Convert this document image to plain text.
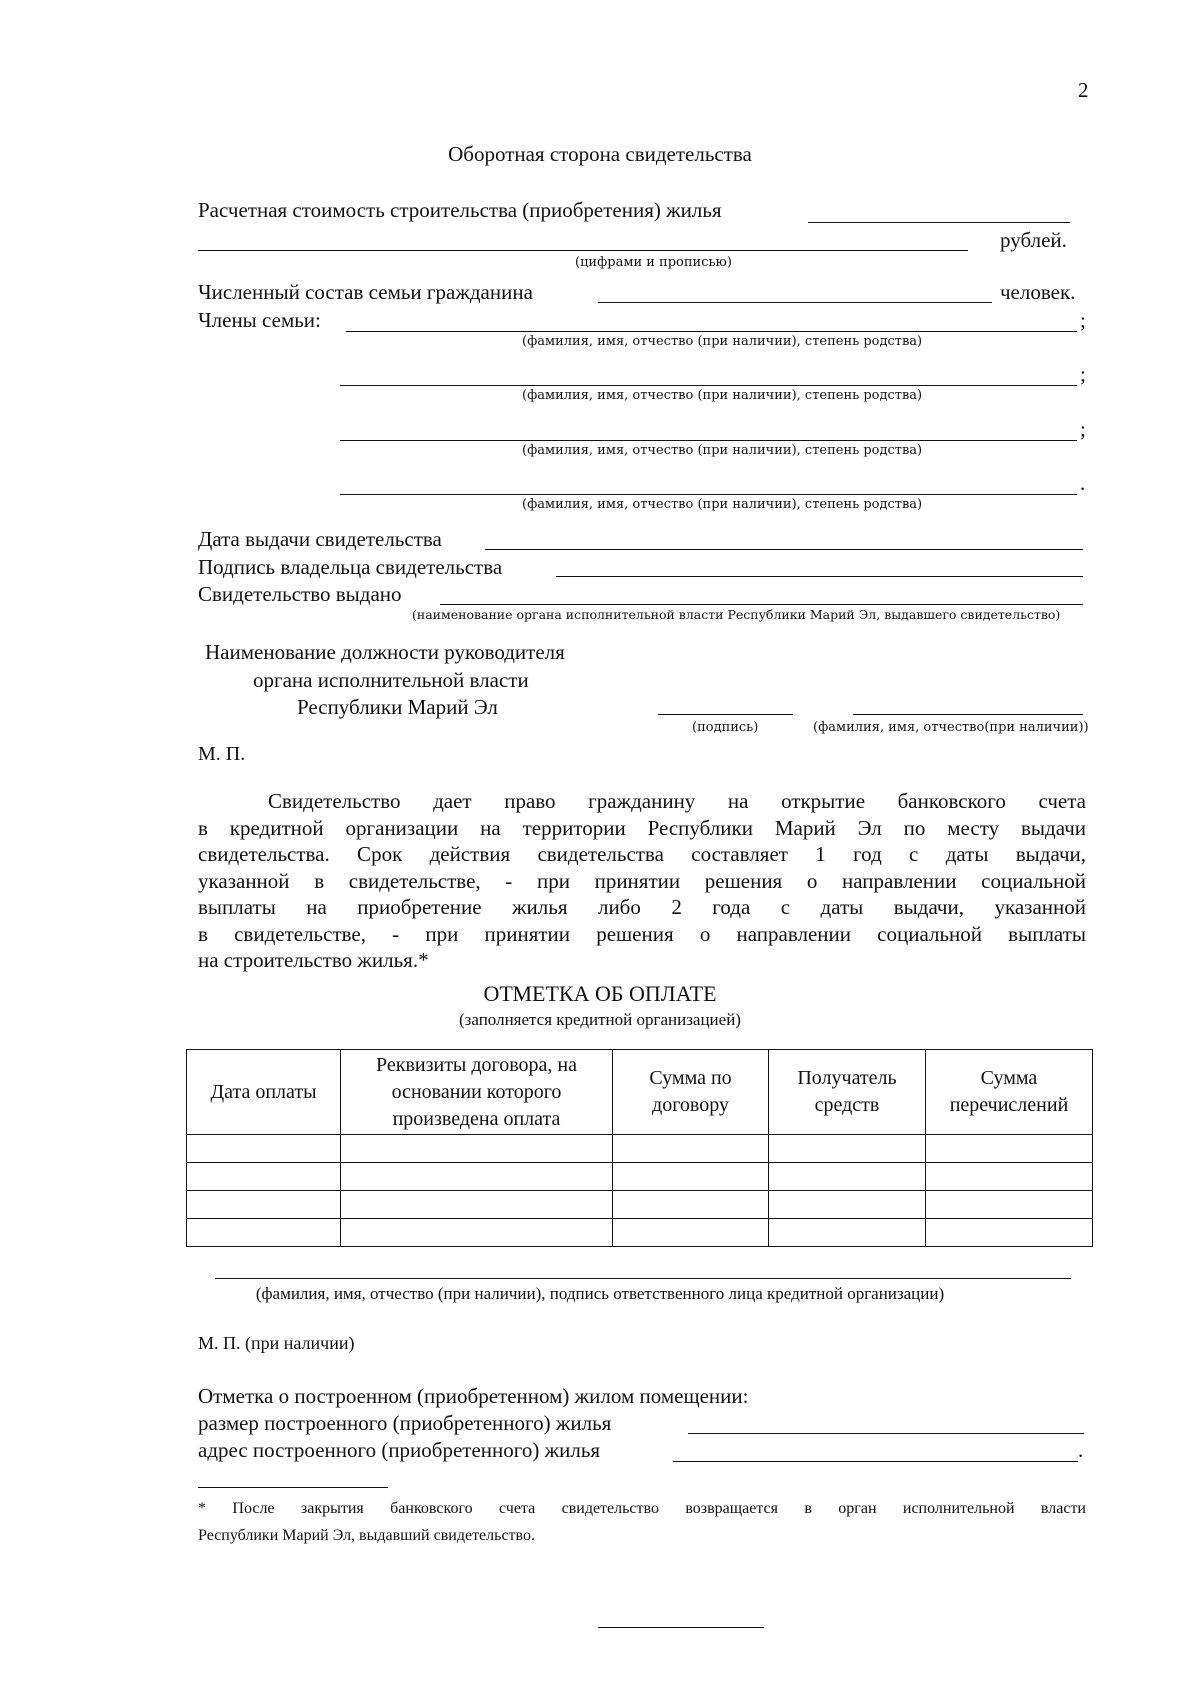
2
Оборотная сторона свидетельства
Расчетная стоимость строительства (приобретения) жилья
рублей.
(цифрами и прописью)
Численный состав семьи гражданина	человек.
Члены семьи:	;
(фамилия, имя, отчество (при наличии), степень родства)
;
(фамилия, имя, отчество (при наличии), степень родства)
;
(фамилия, имя, отчество (при наличии), степень родства)
.
(фамилия, имя, отчество (при наличии), степень родства)
Дата выдачи свидетельства
Подпись владельца свидетельства
Свидетельство выдано
(наименование органа исполнительной власти Республики Марий Эл, выдавшего свидетельство)
Наименование должности руководителя
органа исполнительной власти
Республики Марий Эл
(подпись)	(фамилия, имя, отчество(при наличии))
М. П.
Свидетельство дает право гражданину на открытие банковского счета
в кредитной организации на территории Республики Марий Эл по месту выдачи
свидетельства. Срок действия свидетельства составляет 1 год с даты выдачи,
указанной в свидетельстве, - при принятии решения о направлении социальной
выплаты на приобретение жилья либо 2 года с даты выдачи, указанной
в свидетельстве, - при принятии решения о направлении социальной выплаты
на строительство жилья.*
ОТМЕТКА ОБ ОПЛАТЕ
(заполняется кредитной организацией)
Дата оплаты	Реквизиты договора, на основании которого произведена оплата	Сумма по договору	Получатель средств	Сумма перечислений

(фамилия, имя, отчество (при наличии), подпись ответственного лица кредитной организации)
М. П. (при наличии)
Отметка о построенном (приобретенном) жилом помещении:
размер построенного (приобретенного) жилья
адрес построенного (приобретенного) жилья	.
* После закрытия банковского счета свидетельство возвращается в орган исполнительной власти
Республики Марий Эл, выдавший свидетельство.
